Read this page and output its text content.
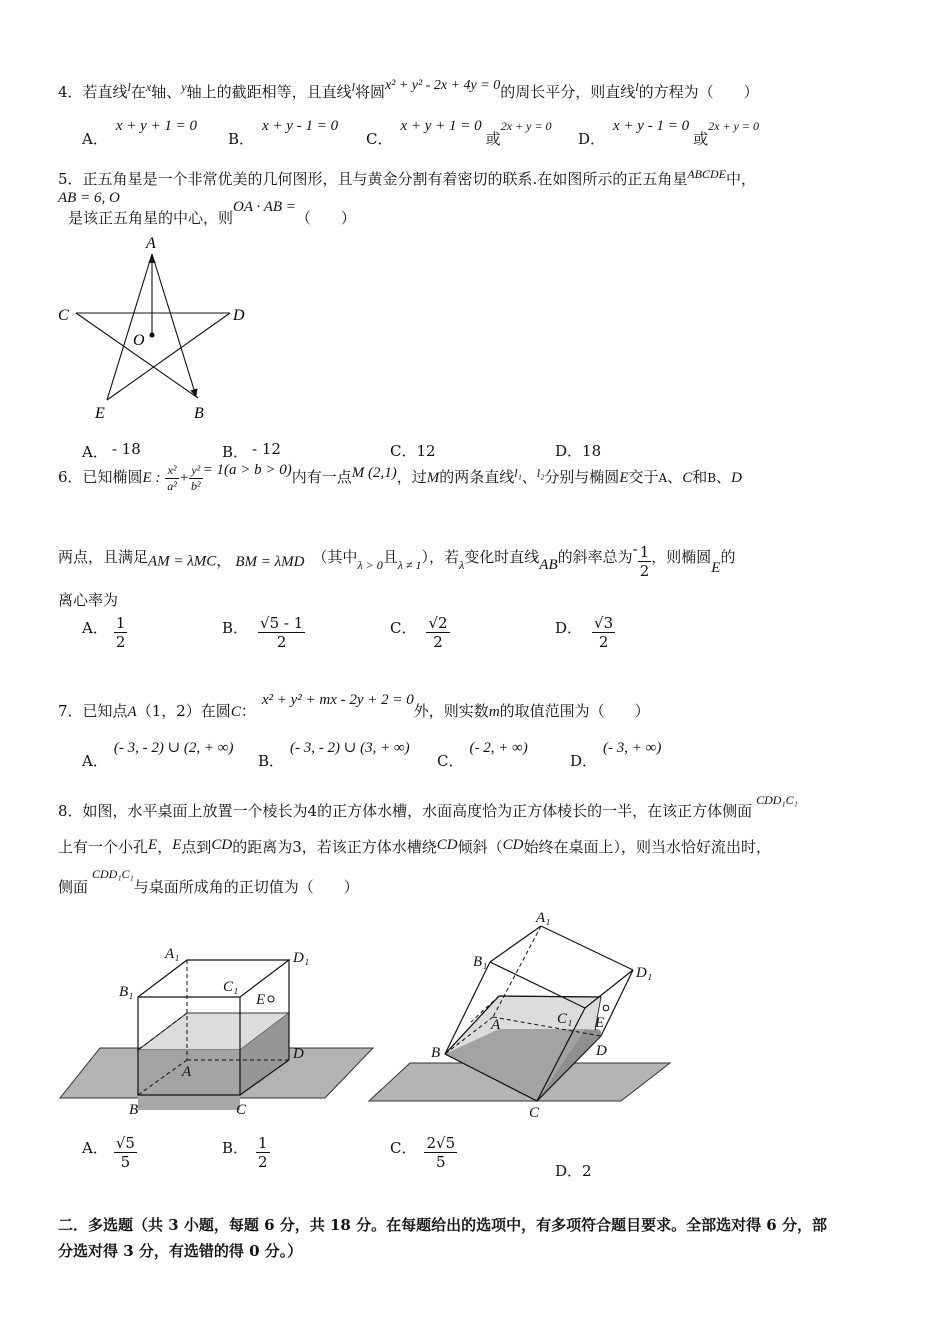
4．若直线$^l$在$^x$轴、$^y$轴上的截距相等，且直线$^l$将圆x² + y² - 2x + 4y = 0的周长平分，则直线$^l$的方程为（　　）
A．x + y + 1 = 0
B．x + y - 1 = 0
C．x + y + 1 = 0或2x + y = 0
D．x + y - 1 = 0或2x + y = 0
5．正五角星是一个非常优美的几何图形，且与黄金分割有着密切的联系.在如图所示的正五角星$^{ABCDE}$中，
AB = 6, O
是该正五角星的中心，则OA · AB =（　　）
A
C	D
O
E	B
A． - 18	B． - 12	C．12	D．18
6．已知椭圆E : $\frac{\text{x²}}{\text{a²}} + \frac{\text{y²}}{\text{b²}} = 1(a > b > 0)$内有一点M (2,1)，过M的两条直线$^{l_1}$、$^{l_2}$分别与椭圆E交于A、C和B、D
两点，且满足AM = λMC， BM = λMD （其中$_{\lambda > 0}$且$_{\lambda \ne 1}$），若$_\lambda$变化时直线AB的斜率总为- $\frac{1}{2}$ ，则椭圆E的
离心率为
A． $\frac{1}{2}$	B． $\frac{√5 - 1}{2}$	C． $\frac{√2}{2}$	D． $\frac{√3}{2}$
7．已知点A（1，2）在圆C：x² + y² + mx - 2y + 2 = 0外，则实数m的取值范围为（　　）
A．(- 3, - 2) ∪ (2, + ∞)
B．(- 3, - 2) ∪ (3, + ∞)
C．(- 2, + ∞)
D．(- 3, + ∞)
8．如图，水平桌面上放置一个棱长为4的正方体水槽，水面高度恰为正方体棱长的一半，在该正方体侧面CDD₁C₁
上有一个小孔E，E点到CD的距离为3，若该正方体水槽绕CD倾斜（CD始终在桌面上），则当水恰好流出时，
侧面CDD₁C₁与桌面所成角的正切值为（　　）
A₁	D₁
B₁	C₁
E
D
A
B	C
A₁
B₁
D₁
C₁ E
A
B	D
C
A． $\frac{√5}{5}$	B． $\frac{1}{2}$	C． $\frac{2√5}{5}$	D．2
二．多选题（共 3 小题，每题 6 分，共 18 分。在每题给出的选项中，有多项符合题目要求。全部选对得 6 分，部
分选对得 3 分，有选错的得 0 分。）
